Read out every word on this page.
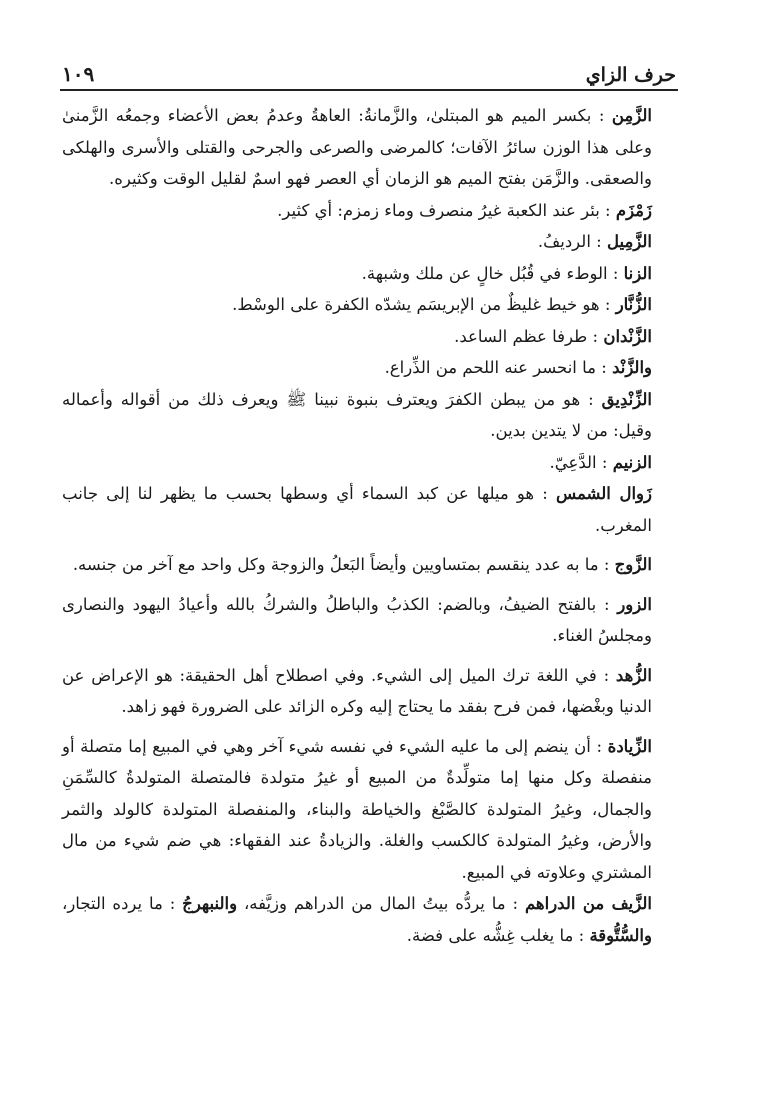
حرف الزاي
١٠٩

الزَّمِن : بكسر الميم هو المبتلىٰ، والزَّمانةُ: العاهةُ وعدمُ بعض الأعضاء وجمعُه الزَّمنىٰ وعلى هذا الوزن سائرُ الآفات؛ كالمرضى والصرعى والجرحى والقتلى والأسرى والهلكى والصعقى. والزَّمَن بفتح الميم هو الزمان أي العصر فهو اسمٌ لقليل الوقت وكثيره.

زَمْزَم : بئر عند الكعبة غيرُ منصرف وماء زمزم: أي كثير.

الزَّمِيل : الرديفُ.

الزنا : الوطء في قُبُل خالٍ عن ملك وشبهة.

الزُّنَّار : هو خيط غليظٌ من الإبريسَم يشدّه الكفرة على الوسْط.

الزَّنْدان : طرفا عظم الساعد.

والزَّنْد : ما انحسر عنه اللحم من الذِّراع.

الزِّنْدِيق : هو من يبطن الكفرَ ويعترف بنبوة نبينا ﷺ ويعرف ذلك من أقواله وأعماله وقيل: من لا يتدين بدين.

الزنيم : الدَّعِيّ.

زَوال الشمس : هو ميلها عن كبد السماء أي وسطها بحسب ما يظهر لنا إلى جانب المغرب.

الزَّوج : ما به عدد ينقسم بمتساويين وأيضاً البَعلُ والزوجة وكل واحد مع آخر من جنسه.

الزور : بالفتح الضيفُ، وبالضم: الكذبُ والباطلُ والشركُ بالله وأعيادُ اليهود والنصارى ومجلسُ الغناء.

الزُّهد : في اللغة ترك الميل إلى الشيء. وفي اصطلاح أهل الحقيقة: هو الإعراض عن الدنيا وبغْضها، فمن فرح بفقد ما يحتاج إليه وكره الزائد على الضرورة فهو زاهد.

الزِّيادة : أن ينضم إلى ما عليه الشيء في نفسه شيء آخر وهي في المبيع إما متصلة أو منفصلة وكل منها إما متولِّدةٌ من المبيع أو غيرُ متولدة فالمتصلة المتولدةُ كالسِّمَنِ والجمال، وغيرُ المتولدة كالصَّبْغ والخياطة والبناء، والمنفصلة المتولدة كالولد والثمر والأرض، وغيرُ المتولدة كالكسب والغلة. والزيادةُ عند الفقهاء: هي ضم شيء من مال المشتري وعلاوته في المبيع.

الزَّيف من الدراهم : ما يردُّه بيتُ المال من الدراهم وزيَّفه، والنبهرجُ : ما يرده التجار، والسُّتُّوقة : ما يغلب غِشُّه على فضة.
